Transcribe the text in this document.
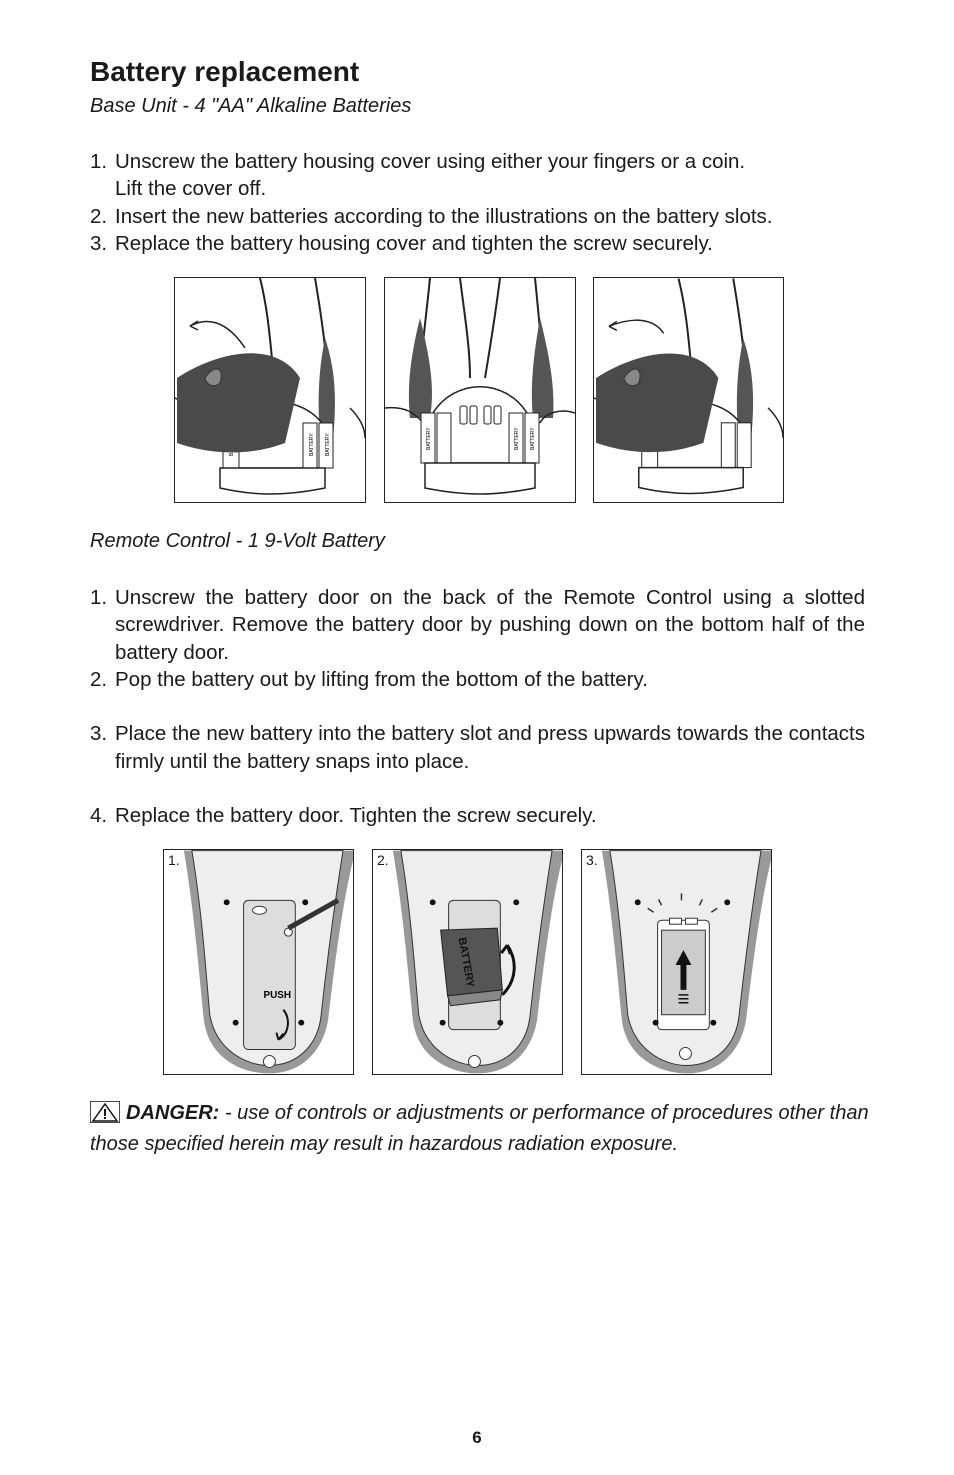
Battery replacement

Base Unit - 4 "AA" Alkaline Batteries

1. Unscrew the battery housing cover using either your fingers or a coin.
Lift the cover off.
2. Insert the new batteries according to the illustrations on the battery slots.
3. Replace the battery housing cover and tighten the screw securely.
BATTERY BATTERY	BATTERY	BATTERY BATTERY

Remote Control - 1 9-Volt Battery

1. Unscrew the battery door on the back of the Remote Control using a slotted screwdriver. Remove the battery door by pushing down on the bottom half of the battery door.
2. Pop the battery out by lifting from the bottom of the battery.
3. Place the new battery into the battery slot and press upwards towards the contacts firmly until the battery snaps into place.
4. Replace the battery door. Tighten the screw securely.
PUSH
1.
BATTERY
2.	3.

DANGER: - use of controls or adjustments or performance of procedures other than those specified herein may result in hazardous radiation exposure.

6
